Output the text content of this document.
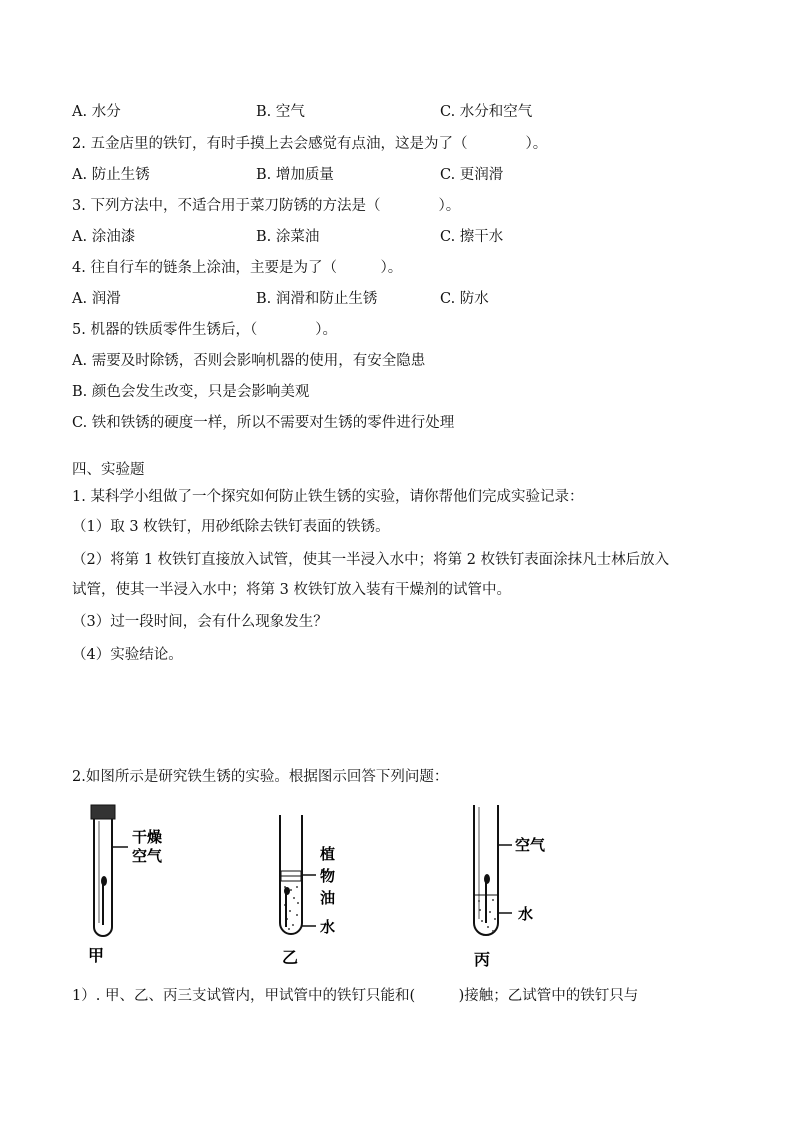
A. 水分	B. 空气	C. 水分和空气
2. 五金店里的铁钉，有时手摸上去会感觉有点油，这是为了（　　　　）。
A. 防止生锈	B. 增加质量	C. 更润滑
3. 下列方法中，不适合用于菜刀防锈的方法是（　　　　）。
A. 涂油漆	B. 涂菜油	C. 擦干水
4. 往自行车的链条上涂油，主要是为了（　　　）。
A. 润滑	B. 润滑和防止生锈	C. 防水
5. 机器的铁质零件生锈后，（　　　　）。
A. 需要及时除锈，否则会影响机器的使用，有安全隐患
B. 颜色会发生改变，只是会影响美观
C. 铁和铁锈的硬度一样，所以不需要对生锈的零件进行处理
四、实验题
1. 某科学小组做了一个探究如何防止铁生锈的实验，请你帮他们完成实验记录：
（1）取 3 枚铁钉，用砂纸除去铁钉表面的铁锈。
（2）将第 1 枚铁钉直接放入试管，使其一半浸入水中；将第 2 枚铁钉表面涂抹凡士林后放入
试管，使其一半浸入水中；将第 3 枚铁钉放入装有干燥剂的试管中。
（3）过一段时间，会有什么现象发生？
（4）实验结论。
2.如图所示是研究铁生锈的实验。根据图示回答下列问题：
干燥
空气
甲
植
物
油
水
乙
空气
水
丙
1）. 甲、乙、丙三支试管内，甲试管中的铁钉只能和(　　　)接触；乙试管中的铁钉只与
